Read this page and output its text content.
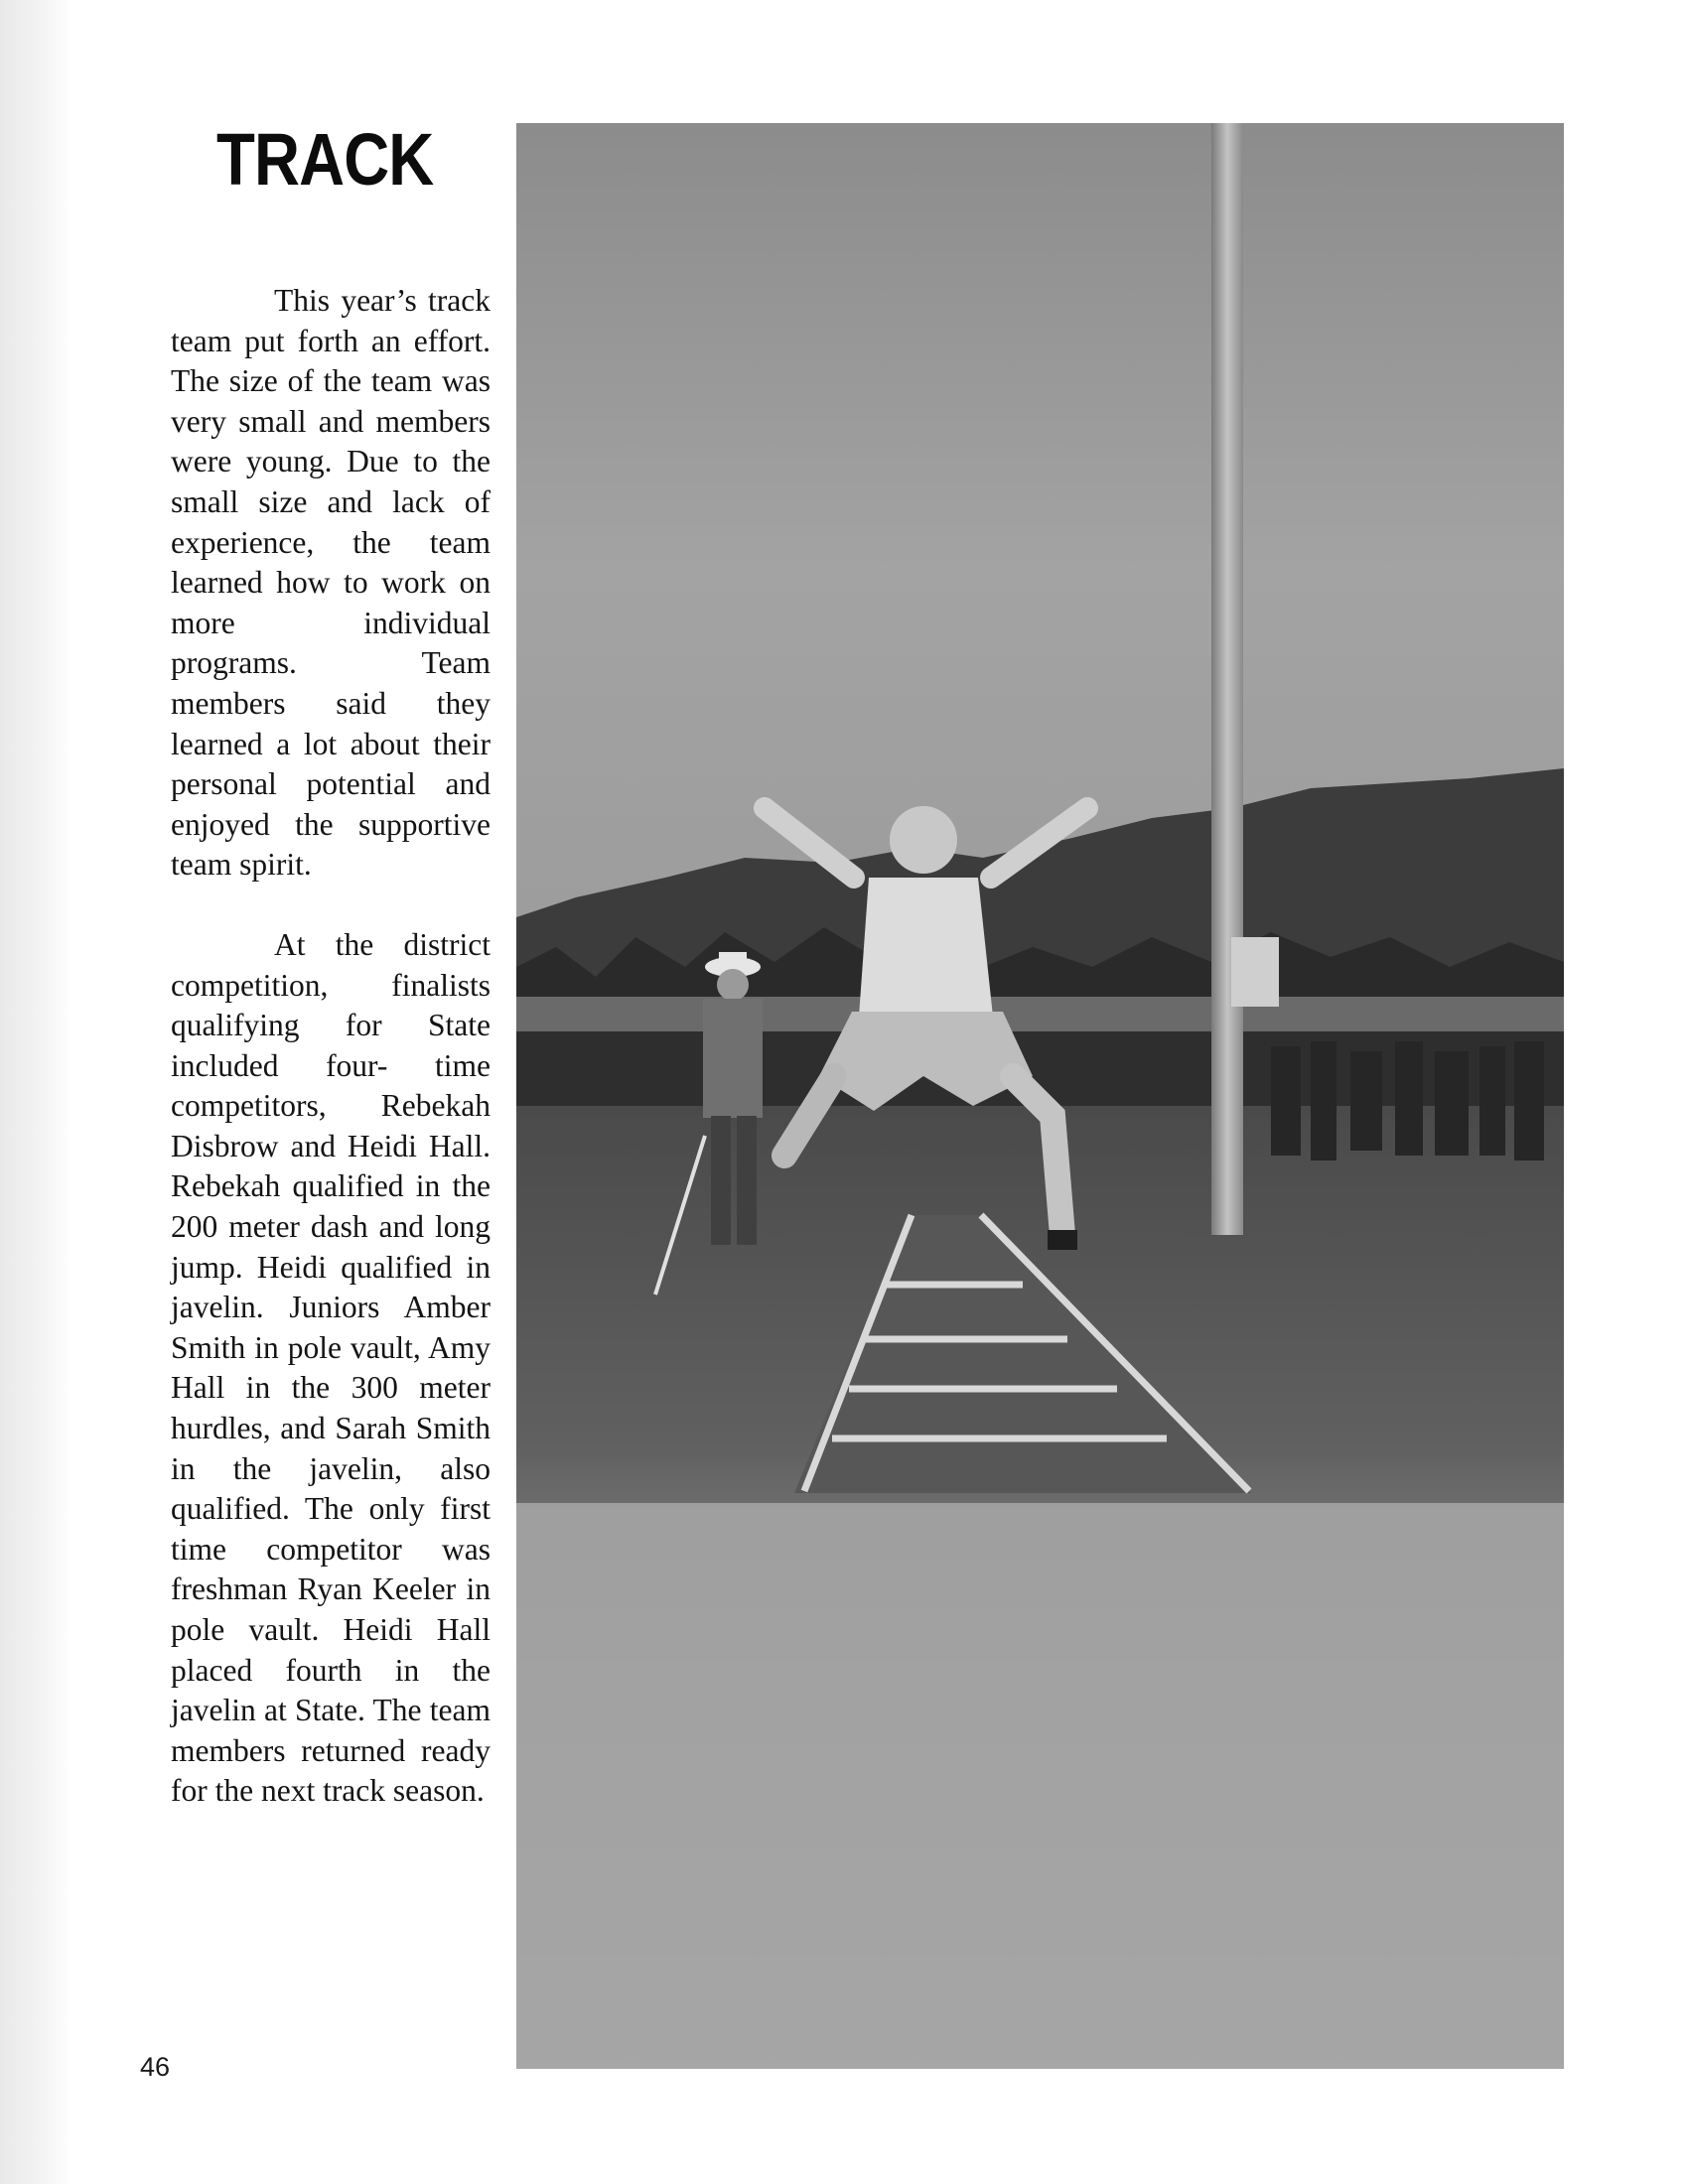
TRACK

This year’s track team put forth an effort. The size of the team was very small and members were young. Due to the small size and lack of experience, the team learned how to work on more individual programs. Team members said they learned a lot about their personal potential and enjoyed the supportive team spirit.

At the district competition, finalists qualifying for State included four- time competitors, Rebekah Disbrow and Heidi Hall. Rebekah qualified in the 200 meter dash and long jump. Heidi qualified in javelin. Juniors Amber Smith in pole vault, Amy Hall in the 300 meter hurdles, and Sarah Smith in the javelin, also qualified. The only first time competitor was freshman Ryan Keeler in pole vault. Heidi Hall placed fourth in the javelin at State. The team members returned ready for the next track season.

46
